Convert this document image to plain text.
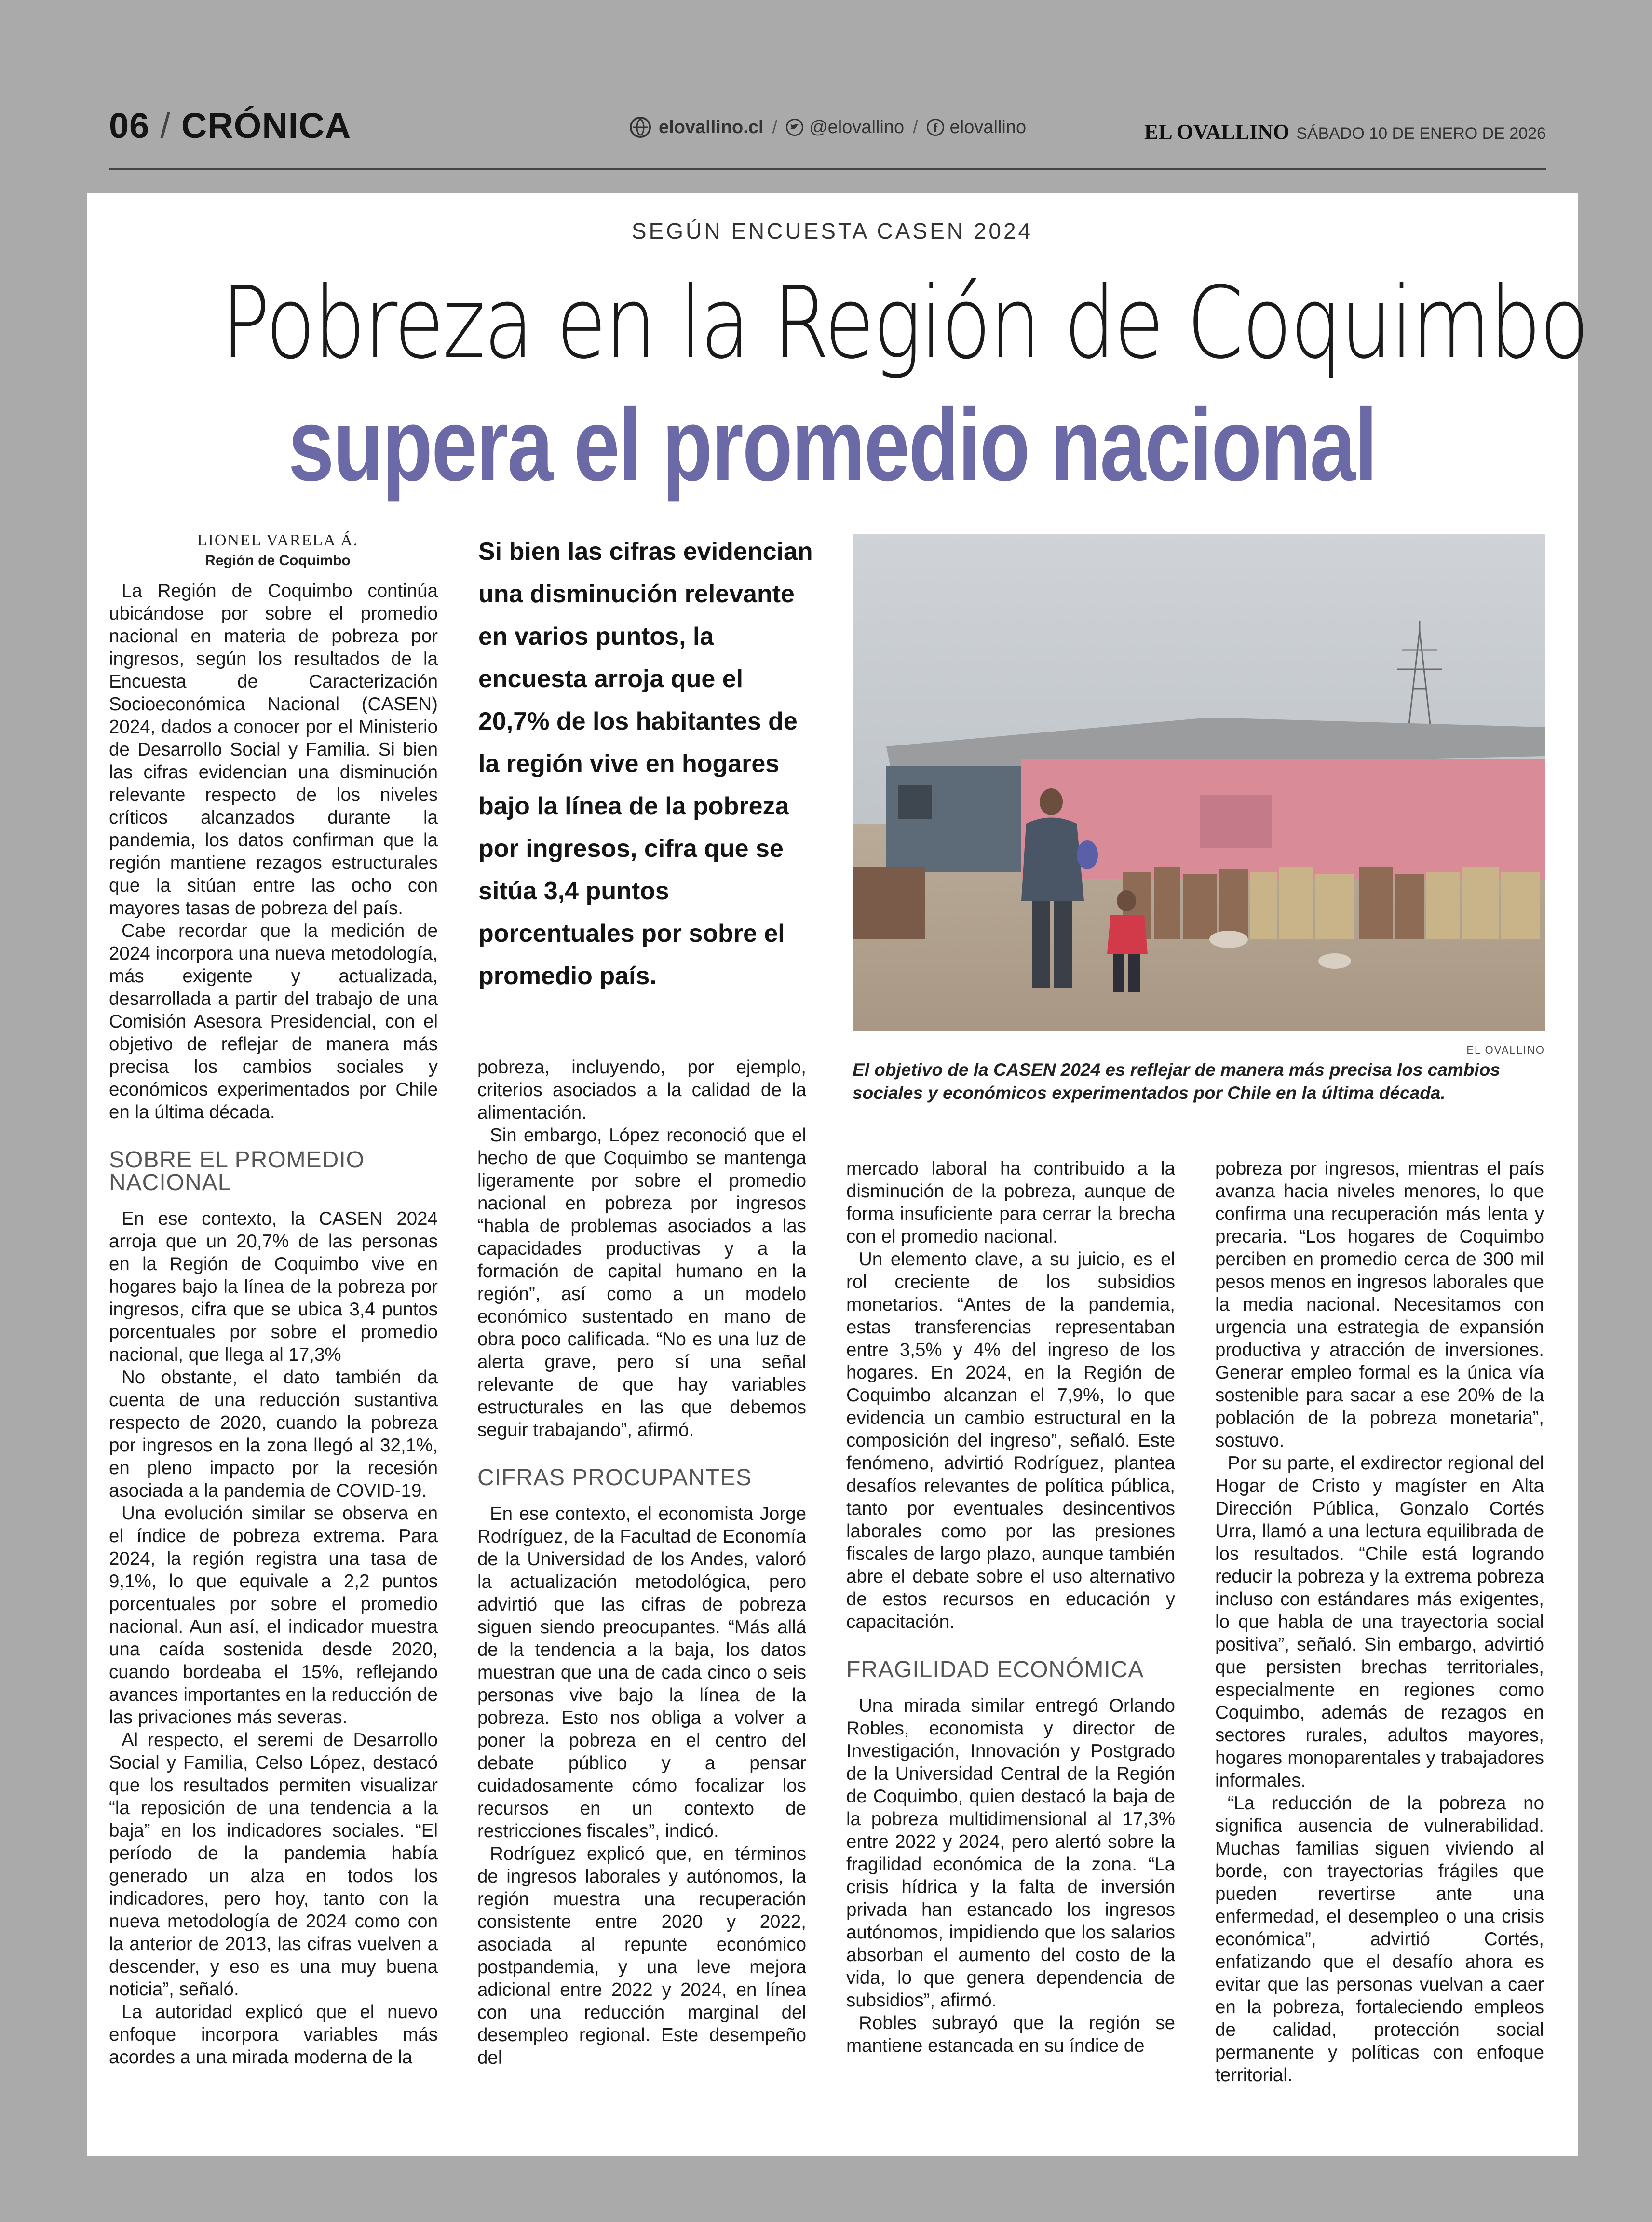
06 / CRÓNICA	elovallino.cl / @elovallino / elovallino	EL OVALLINO SÁBADO 10 DE ENERO DE 2026
SEGÚN ENCUESTA CASEN 2024
Pobreza en la Región de Coquimbo
supera el promedio nacional
LIONEL VARELA Á.
Región de Coquimbo

La Región de Coquimbo continúa ubicándose por sobre el promedio nacional en materia de pobreza por ingresos, según los resultados de la Encuesta de Caracterización Socioeconómica Nacional (CASEN) 2024, dados a conocer por el Ministerio de Desarrollo Social y Familia. Si bien las cifras evidencian una disminución relevante respecto de los niveles críticos alcanzados durante la pandemia, los datos confirman que la región mantiene rezagos estructurales que la sitúan entre las ocho con mayores tasas de pobreza del país.

Cabe recordar que la medición de 2024 incorpora una nueva metodología, más exigente y actualizada, desarrollada a partir del trabajo de una Comisión Asesora Presidencial, con el objetivo de reflejar de manera más precisa los cambios sociales y económicos experimentados por Chile en la última década.

SOBRE EL PROMEDIO NACIONAL

En ese contexto, la CASEN 2024 arroja que un 20,7% de las personas en la Región de Coquimbo vive en hogares bajo la línea de la pobreza por ingresos, cifra que se ubica 3,4 puntos porcentuales por sobre el promedio nacional, que llega al 17,3%

No obstante, el dato también da cuenta de una reducción sustantiva respecto de 2020, cuando la pobreza por ingresos en la zona llegó al 32,1%, en pleno impacto por la recesión asociada a la pandemia de COVID-19.

Una evolución similar se observa en el índice de pobreza extrema. Para 2024, la región registra una tasa de 9,1%, lo que equivale a 2,2 puntos porcentuales por sobre el promedio nacional. Aun así, el indicador muestra una caída sostenida desde 2020, cuando bordeaba el 15%, reflejando avances importantes en la reducción de las privaciones más severas.

Al respecto, el seremi de Desarrollo Social y Familia, Celso López, destacó que los resultados permiten visualizar “la reposición de una tendencia a la baja” en los indicadores sociales. “El período de la pandemia había generado un alza en todos los indicadores, pero hoy, tanto con la nueva metodología de 2024 como con la anterior de 2013, las cifras vuelven a descender, y eso es una muy buena noticia”, señaló.

La autoridad explicó que el nuevo enfoque incorpora variables más acordes a una mirada moderna de la

Si bien las cifras evidencian una disminución relevante en varios puntos, la encuesta arroja que el 20,7% de los habitantes de la región vive en hogares bajo la línea de la pobreza por ingresos, cifra que se sitúa 3,4 puntos porcentuales por sobre el promedio país.
EL OVALLINO
El objetivo de la CASEN 2024 es reflejar de manera más precisa los cambios sociales y económicos experimentados por Chile en la última década.

pobreza, incluyendo, por ejemplo, criterios asociados a la calidad de la alimentación.

Sin embargo, López reconoció que el hecho de que Coquimbo se mantenga ligeramente por sobre el promedio nacional en pobreza por ingresos “habla de problemas asociados a las capacidades productivas y a la formación de capital humano en la región”, así como a un modelo económico sustentado en mano de obra poco calificada. “No es una luz de alerta grave, pero sí una señal relevante de que hay variables estructurales en las que debemos seguir trabajando”, afirmó.

CIFRAS PROCUPANTES

En ese contexto, el economista Jorge Rodríguez, de la Facultad de Economía de la Universidad de los Andes, valoró la actualización metodológica, pero advirtió que las cifras de pobreza siguen siendo preocupantes. “Más allá de la tendencia a la baja, los datos muestran que una de cada cinco o seis personas vive bajo la línea de la pobreza. Esto nos obliga a volver a poner la pobreza en el centro del debate público y a pensar cuidadosamente cómo focalizar los recursos en un contexto de restricciones fiscales”, indicó.

Rodríguez explicó que, en términos de ingresos laborales y autónomos, la región muestra una recuperación consistente entre 2020 y 2022, asociada al repunte económico postpandemia, y una leve mejora adicional entre 2022 y 2024, en línea con una reducción marginal del desempleo regional. Este desempeño del

mercado laboral ha contribuido a la disminución de la pobreza, aunque de forma insuficiente para cerrar la brecha con el promedio nacional.

Un elemento clave, a su juicio, es el rol creciente de los subsidios monetarios. “Antes de la pandemia, estas transferencias representaban entre 3,5% y 4% del ingreso de los hogares. En 2024, en la Región de Coquimbo alcanzan el 7,9%, lo que evidencia un cambio estructural en la composición del ingreso”, señaló. Este fenómeno, advirtió Rodríguez, plantea desafíos relevantes de política pública, tanto por eventuales desincentivos laborales como por las presiones fiscales de largo plazo, aunque también abre el debate sobre el uso alternativo de estos recursos en educación y capacitación.

FRAGILIDAD ECONÓMICA

Una mirada similar entregó Orlando Robles, economista y director de Investigación, Innovación y Postgrado de la Universidad Central de la Región de Coquimbo, quien destacó la baja de la pobreza multidimensional al 17,3% entre 2022 y 2024, pero alertó sobre la fragilidad económica de la zona. “La crisis hídrica y la falta de inversión privada han estancado los ingresos autónomos, impidiendo que los salarios absorban el aumento del costo de la vida, lo que genera dependencia de subsidios”, afirmó.

Robles subrayó que la región se mantiene estancada en su índice de

pobreza por ingresos, mientras el país avanza hacia niveles menores, lo que confirma una recuperación más lenta y precaria. “Los hogares de Coquimbo perciben en promedio cerca de 300 mil pesos menos en ingresos laborales que la media nacional. Necesitamos con urgencia una estrategia de expansión productiva y atracción de inversiones. Generar empleo formal es la única vía sostenible para sacar a ese 20% de la población de la pobreza monetaria”, sostuvo.

Por su parte, el exdirector regional del Hogar de Cristo y magíster en Alta Dirección Pública, Gonzalo Cortés Urra, llamó a una lectura equilibrada de los resultados. “Chile está logrando reducir la pobreza y la extrema pobreza incluso con estándares más exigentes, lo que habla de una trayectoria social positiva”, señaló. Sin embargo, advirtió que persisten brechas territoriales, especialmente en regiones como Coquimbo, además de rezagos en sectores rurales, adultos mayores, hogares monoparentales y trabajadores informales.

“La reducción de la pobreza no significa ausencia de vulnerabilidad. Muchas familias siguen viviendo al borde, con trayectorias frágiles que pueden revertirse ante una enfermedad, el desempleo o una crisis económica”, advirtió Cortés, enfatizando que el desafío ahora es evitar que las personas vuelvan a caer en la pobreza, fortaleciendo empleos de calidad, protección social permanente y políticas con enfoque territorial.
